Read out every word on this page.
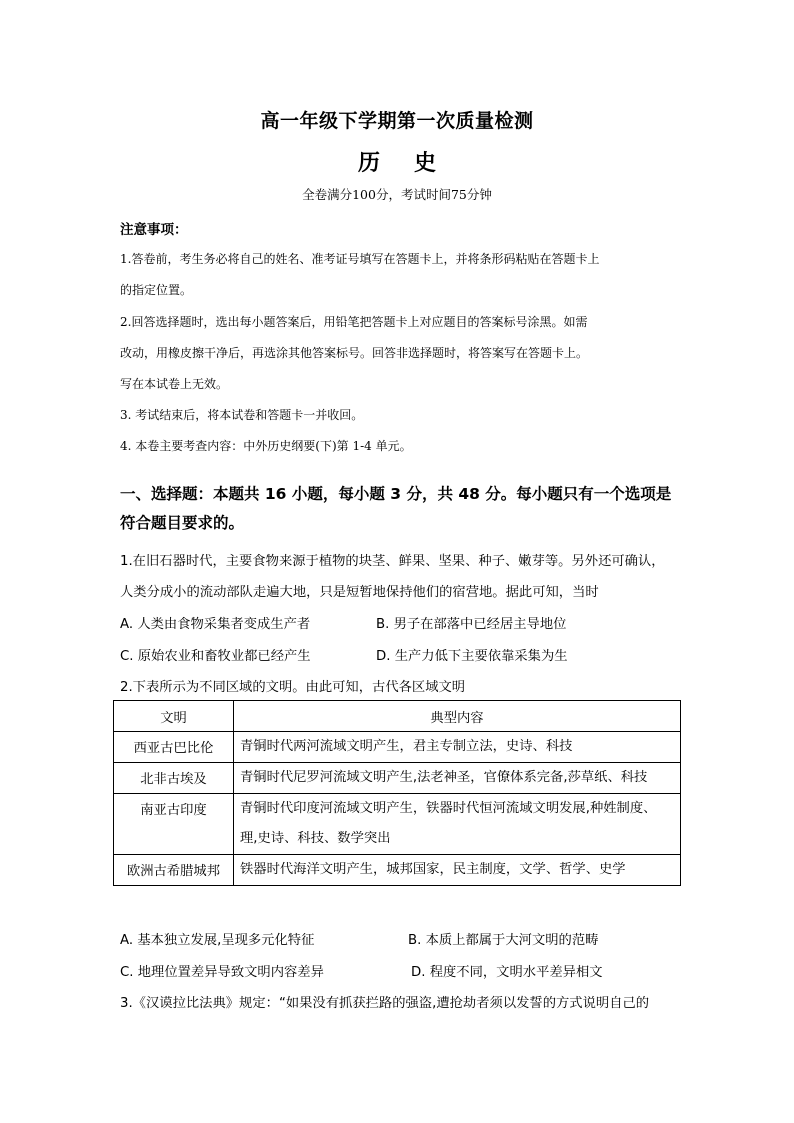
高一年级下学期第一次质量检测
历史
全卷满分100分，考试时间75分钟
注意事项：
1.答卷前，考生务必将自己的姓名、准考证号填写在答题卡上，并将条形码粘贴在答题卡上
的指定位置。
2.回答选择题时，选出每小题答案后，用铅笔把答题卡上对应题目的答案标号涂黑。如需
改动，用橡皮擦干净后，再选涂其他答案标号。回答非选择题时，将答案写在答题卡上。
写在本试卷上无效。
3. 考试结束后，将本试卷和答题卡一并收回。
4. 本卷主要考查内容：中外历史纲要(下)第 1-4 单元。
一、选择题：本题共 16 小题，每小题 3 分，共 48 分。每小题只有一个选项是
符合题目要求的。
1.在旧石器时代，主要食物来源于植物的块茎、鲜果、坚果、种子、嫩芽等。另外还可确认，
人类分成小的流动部队走遍大地，只是短暂地保持他们的宿营地。据此可知，当时
A. 人类由食物采集者变成生产者	B. 男子在部落中已经居主导地位
C. 原始农业和畜牧业都已经产生	D. 生产力低下主要依靠采集为生
2.下表所示为不同区域的文明。由此可知，古代各区域文明
文明	典型内容
西亚古巴比伦	青铜时代两河流域文明产生，君主专制立法，史诗、科技

北非古埃及	青铜时代尼罗河流域文明产生,法老神圣，官僚体系完备,莎草纸、科技

南亚古印度	青铜时代印度河流域文明产生，铁器时代恒河流域文明发展,种姓制度、
理,史诗、科技、数学突出

欧洲古希腊城邦	铁器时代海洋文明产生，城邦国家，民主制度，文学、哲学、史学
A. 基本独立发展,呈现多元化特征	B. 本质上都属于大河文明的范畴
C. 地理位置差异导致文明内容差异	D. 程度不同，文明水平差异相文
3.《汉谟拉比法典》规定：“如果没有抓获拦路的强盗,遭抢劫者须以发誓的方式说明自己的
